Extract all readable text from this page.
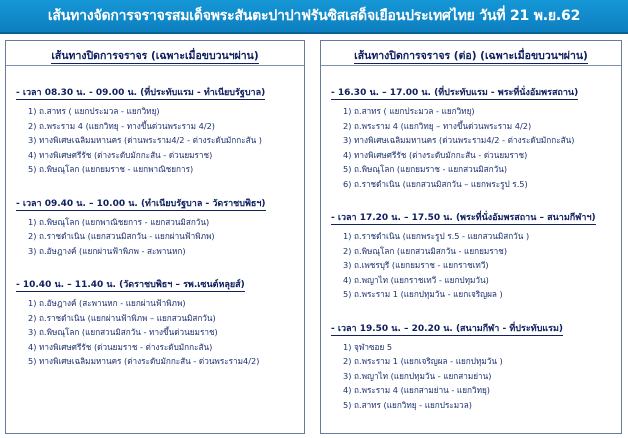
เส้นทางจัดการจราจรสมเด็จพระสันตะปาปาฟรันซิสเสด็จเยือนประเทศไทย วันที่ 21 พ.ย.62
เส้นทางปิดการจราจร (เฉพาะเมื่อขบวนฯผ่าน)
- เวลา 08.30 น. - 09.00 น. (ที่ประทับแรม - ทำเนียบรัฐบาล)
1) ถ.สาทร ( แยกประมวล - แยกวิทยุ)
2) ถ.พระราม 4 (แยกวิทยุ - ทางขึ้นด่วนพระราม 4/2)
3) ทางพิเศษเฉลิมมหานคร (ด่านพระราม4/2 - ต่างระดับมักกะสัน )
4) ทางพิเศษศรีรัช (ต่างระดับมักกะสัน - ด่วนยมราช)
5) ถ.พิษณุโลก (แยกยมราช - แยกพาณิชยการ)
- เวลา 09.40 น. – 10.00 น. (ทำเนียบรัฐบาล - วัดราชบพิธฯ)
1) ถ.พิษณุโลก (แยกพาณิชยการ - แยกสวนมิสกวัน)
2) ถ.ราชดำเนิน (แยกสวนมิสกวัน - แยกผ่านฟ้าพิภพ)
3) ถ.อัษฎางค์ (แยกผ่านฟ้าพิภพ - สะพานหก)
- 10.40 น. – 11.40 น. (วัดราชบพิธฯ – รพ.เซนต์หลุยส์)
1) ถ.อัษฎางค์ (สะพานหก - แยกผ่านฟ้าพิภพ)
2) ถ.ราชดำเนิน (แยกผ่านฟ้าพิภพ – แยกสวนมิสกวัน)
3) ถ.พิษณุโลก (แยกสวนมิสกวัน - ทางขึ้นด่วนยมราช)
4) ทางพิเศษศรีรัช (ด่วนยมราช - ต่างระดับมักกะสัน)
5) ทางพิเศษเฉลิมมหานคร (ต่างระดับมักกะสัน - ด่วนพระราม4/2)
เส้นทางปิดการจราจร (ต่อ) (เฉพาะเมื่อขบวนฯผ่าน)
- 16.30 น. – 17.00 น. (ที่ประทับแรม - พระที่นั่งอัมพรสถาน)
1) ถ.สาทร ( แยกประมวล - แยกวิทยุ)
2) ถ.พระราม 4 (แยกวิทยุ – ทางขึ้นด่วนพระราม 4/2)
3) ทางพิเศษเฉลิมมหานคร (ด่วนพระราม4/2 - ต่างระดับมักกะสัน)
4) ทางพิเศษศรีรัช (ต่างระดับมักกะสัน - ด่วนยมราช)
5) ถ.พิษณุโลก (แยกยมราช - แยกสวนมิสกวัน)
6) ถ.ราชดำเนิน (แยกสวนมิสกวัน – แยกพระรูป ร.5)
- เวลา 17.20 น. – 17.50 น. (พระที่นั่งอัมพรสถาน – สนามกีฬาฯ)
1) ถ.ราชดำเนิน (แยกพระรูป ร.5 - แยกสวนมิสกวัน )
2) ถ.พิษณุโลก (แยกสวนมิสกวัน - แยกยมราช)
3) ถ.เพชรบุรี (แยกยมราช - แยกราชเทวี)
4) ถ.พญาไท (แยกราชเทวี - แยกปทุมวัน)
5) ถ.พระราม 1 (แยกปทุมวัน - แยกเจริญผล )
- เวลา 19.50 น. – 20.20 น. (สนามกีฬา - ที่ประทับแรม)
1) จุฬาซอย 5
2) ถ.พระราม 1 (แยกเจริญผล - แยกปทุมวัน )
3) ถ.พญาไท (แยกปทุมวัน - แยกสามย่าน)
4) ถ.พระราม 4 (แยกสามย่าน - แยกวิทยุ)
5) ถ.สาทร (แยกวิทยุ - แยกประมวล)
